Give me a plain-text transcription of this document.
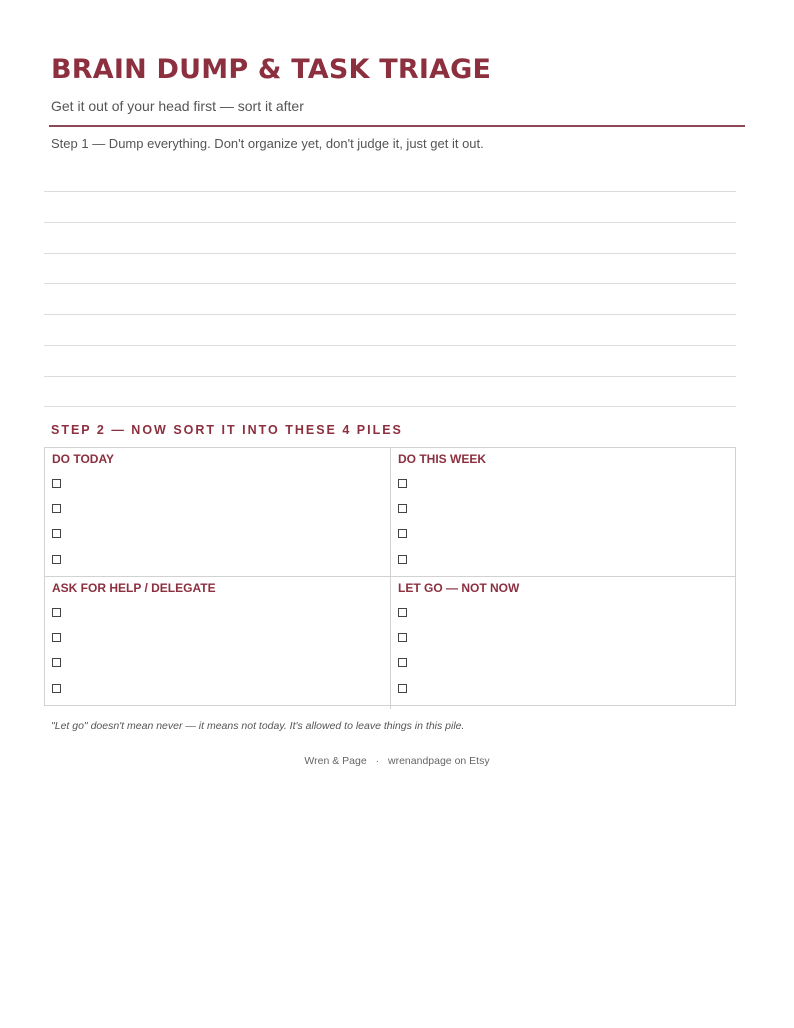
BRAIN DUMP & TASK TRIAGE
Get it out of your head first — sort it after
Step 1 — Dump everything. Don't organize yet, don't judge it, just get it out.
STEP 2 — NOW SORT IT INTO THESE 4 PILES
DO TODAY	DO THIS WEEK
ASK FOR HELP / DELEGATE	LET GO — NOT NOW
"Let go" doesn't mean never — it means not today. It's allowed to leave things in this pile.
Wren & Page · wrenandpage on Etsy
